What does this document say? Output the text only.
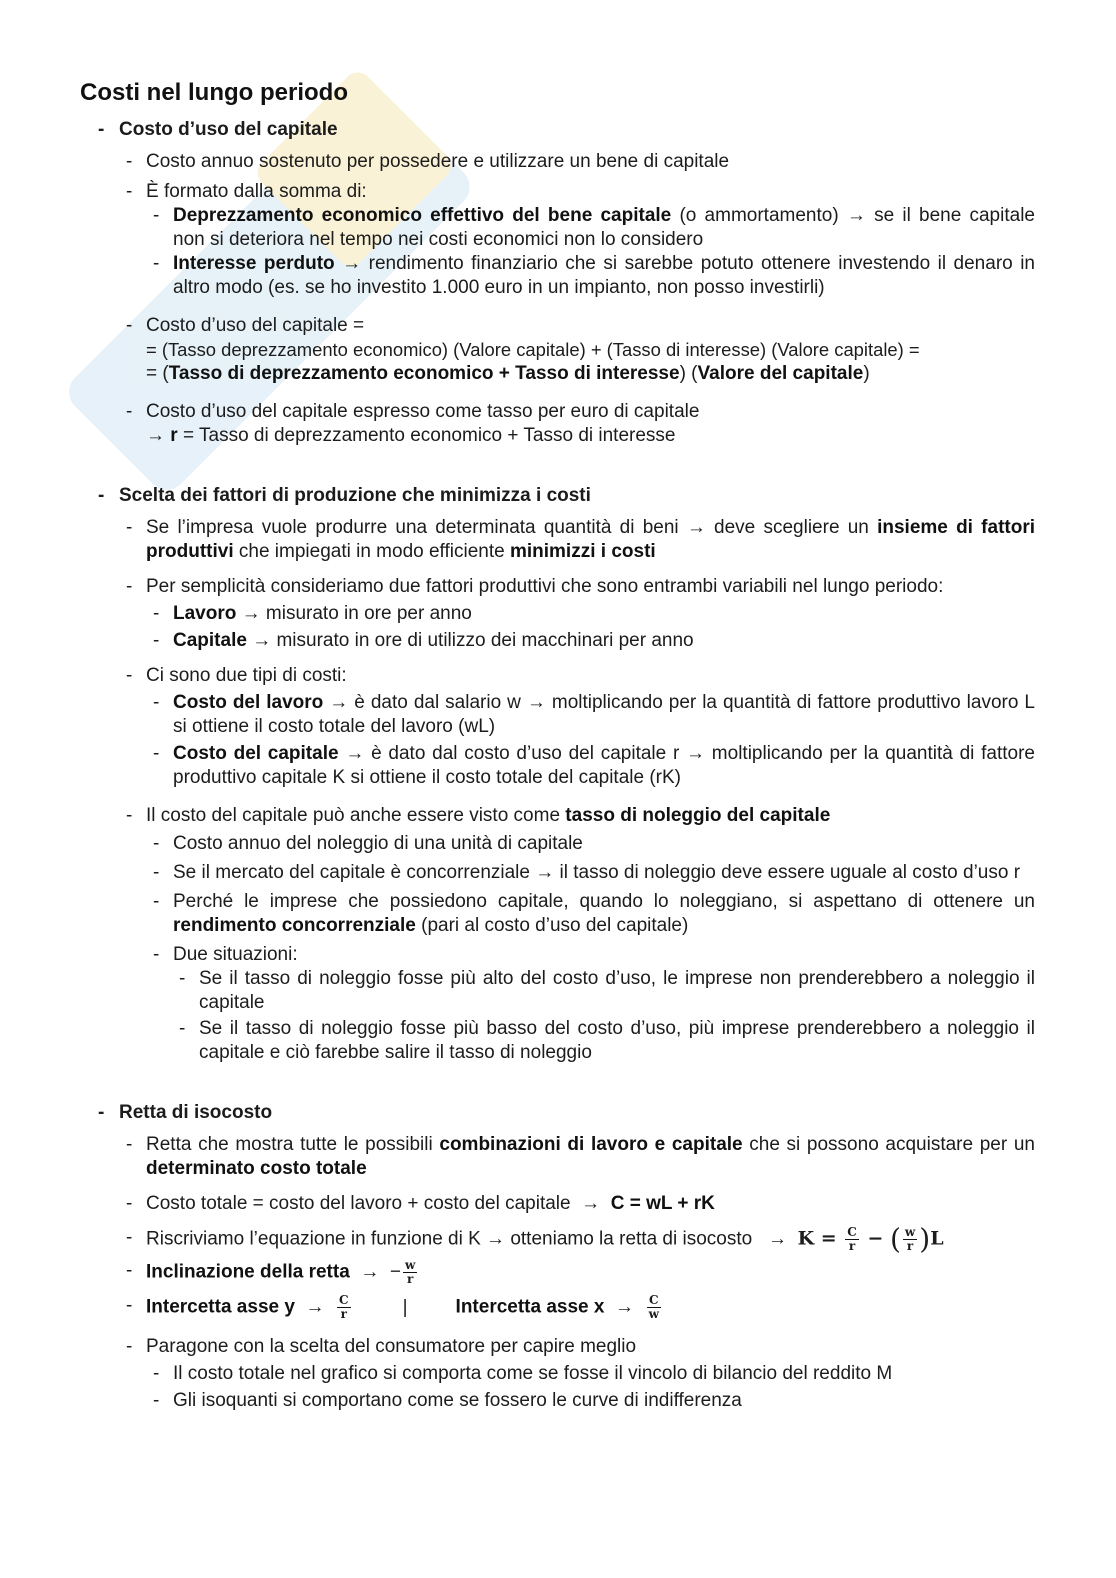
Costi nel lungo periodo
- Costo d’uso del capitale
- Costo annuo sostenuto per possedere e utilizzare un bene di capitale
- È formato dalla somma di:
- Deprezzamento economico effettivo del bene capitale (o ammortamento) → se il bene capitale non si deteriora nel tempo nei costi economici non lo considero
- Interesse perduto → rendimento finanziario che si sarebbe potuto ottenere investendo il denaro in altro modo (es. se ho investito 1.000 euro in un impianto, non posso investirli)
- Costo d’uso del capitale =
= (Tasso deprezzamento economico) (Valore capitale) + (Tasso di interesse) (Valore capitale) =
= (Tasso di deprezzamento economico + Tasso di interesse) (Valore del capitale)
- Costo d’uso del capitale espresso come tasso per euro di capitale
→ r = Tasso di deprezzamento economico + Tasso di interesse
- Scelta dei fattori di produzione che minimizza i costi
- Se l’impresa vuole produrre una determinata quantità di beni → deve scegliere un insieme di fattori produttivi che impiegati in modo efficiente minimizzi i costi
- Per semplicità consideriamo due fattori produttivi che sono entrambi variabili nel lungo periodo:
- Lavoro → misurato in ore per anno
- Capitale → misurato in ore di utilizzo dei macchinari per anno
- Ci sono due tipi di costi:
- Costo del lavoro → è dato dal salario w → moltiplicando per la quantità di fattore produttivo lavoro L si ottiene il costo totale del lavoro (wL)
- Costo del capitale → è dato dal costo d’uso del capitale r → moltiplicando per la quantità di fattore produttivo capitale K si ottiene il costo totale del capitale (rK)
- Il costo del capitale può anche essere visto come tasso di noleggio del capitale
- Costo annuo del noleggio di una unità di capitale
- Se il mercato del capitale è concorrenziale → il tasso di noleggio deve essere uguale al costo d’uso r
- Perché le imprese che possiedono capitale, quando lo noleggiano, si aspettano di ottenere un rendimento concorrenziale (pari al costo d’uso del capitale)
- Due situazioni:
- Se il tasso di noleggio fosse più alto del costo d’uso, le imprese non prenderebbero a noleggio il capitale
- Se il tasso di noleggio fosse più basso del costo d’uso, più imprese prenderebbero a noleggio il capitale e ciò farebbe salire il tasso di noleggio
- Retta di isocosto
- Retta che mostra tutte le possibili combinazioni di lavoro e capitale che si possono acquistare per un determinato costo totale
- Costo totale = costo del lavoro + costo del capitale  →  C = wL + rK
- Riscriviamo l’equazione in funzione di K → otteniamo la retta di isocosto   →  $K = \frac{C}{r}$ − ( $\frac{w}{r} )L$
- Inclinazione della retta  →  − $\frac{w}{r}$
- Intercetta asse $y \to \frac{C}{r}$	|	Intercetta asse $x \to \frac{C}{w}$
- Paragone con la scelta del consumatore per capire meglio
- Il costo totale nel grafico si comporta come se fosse il vincolo di bilancio del reddito M
- Gli isoquanti si comportano come se fossero le curve di indifferenza
